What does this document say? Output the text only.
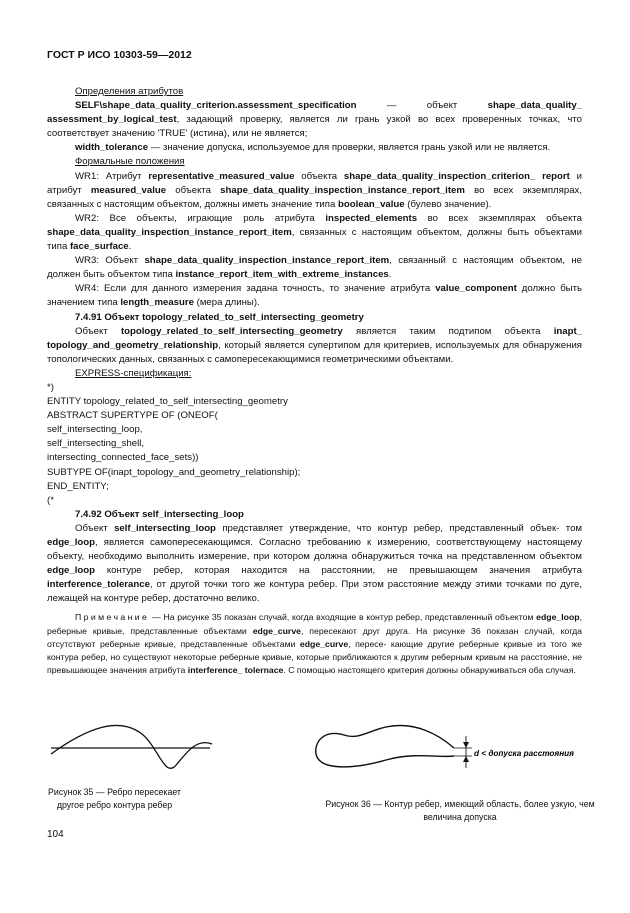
ГОСТ Р ИСО 10303-59—2012

Определения атрибутов

SELF\shape_data_quality_criterion.assessment_specification — объект shape_data_quality_ assessment_by_logical_test, задающий проверку, является ли грань узкой во всех проверенных точках, что соответствует значению 'TRUE' (истина), или не является;

width_tolerance — значение допуска, используемое для проверки, является грань узкой или не является.

Формальные положения

WR1: Атрибут representative_measured_value объекта shape_data_quality_inspection_criterion_ report и атрибут measured_value объекта shape_data_quality_inspection_instance_report_item во всех экземплярах, связанных с настоящим объектом, должны иметь значение типа boolean_value (булево значение).

WR2: Все объекты, играющие роль атрибута inspected_elements во всех экземплярах объекта shape_data_quality_inspection_instance_report_item, связанных с настоящим объектом, должны быть объектами типа face_surface.

WR3: Объект shape_data_quality_inspection_instance_report_item, связанный с настоящим объектом, не должен быть объектом типа instance_report_item_with_extreme_instances.

WR4: Если для данного измерения задана точность, то значение атрибута value_component должно быть значением типа length_measure (мера длины).

7.4.91 Объект topology_related_to_self_intersecting_geometry

Объект topology_related_to_self_intersecting_geometry является таким подтипом объекта inapt_ topology_and_geometry_relationship, который является супертипом для критериев, используемых для обнаружения топологических данных, связанных с самопересекающимися геометрическими объектами.

EXPRESS-спецификация:

*)

ENTITY topology_related_to_self_intersecting_geometry

ABSTRACT SUPERTYPE OF (ONEOF(

self_intersecting_loop,

self_intersecting_shell,

intersecting_connected_face_sets))

SUBTYPE OF(inapt_topology_and_geometry_relationship);

END_ENTITY;

(*

7.4.92 Объект self_intersecting_loop

Объект self_intersecting_loop представляет утверждение, что контур ребер, представленный объек- том edge_loop, является самопересекающимся. Согласно требованию к измерению, соответствующему настоящему объекту, необходимо выполнить измерение, при котором должна обнаружиться точка на представленном объектом edge_loop контуре ребер, которая находится на расстоянии, не превышающем значения атрибута interference_tolerance, от другой точки того же контура ребер. При этом расстояние между этими точками по дуге, лежащей на контуре ребер, достаточно велико.

Примечание — На рисунке 35 показан случай, когда входящие в контур ребер, представленный объектом edge_loop, реберные кривые, представленные объектами edge_curve, пересекают друг друга. На рисунке 36 показан случай, когда отсутствуют реберные кривые, представленные объектами edge_curve, пересе- кающие другие реберные кривые из того же контура ребер, но существуют некоторые реберные кривые, которые приближаются к другим реберным кривым на расстояние, не превышающее значения атрибута interference_ tolernace. С помощью настоящего критерия должны обнаруживаться оба случая.

d < допуска расстояния
Рисунок 35 — Ребро пересекает другое ребро контура ребер	Рисунок 36 — Контур ребер, имеющий область, более узкую, чем величина допуска
104
